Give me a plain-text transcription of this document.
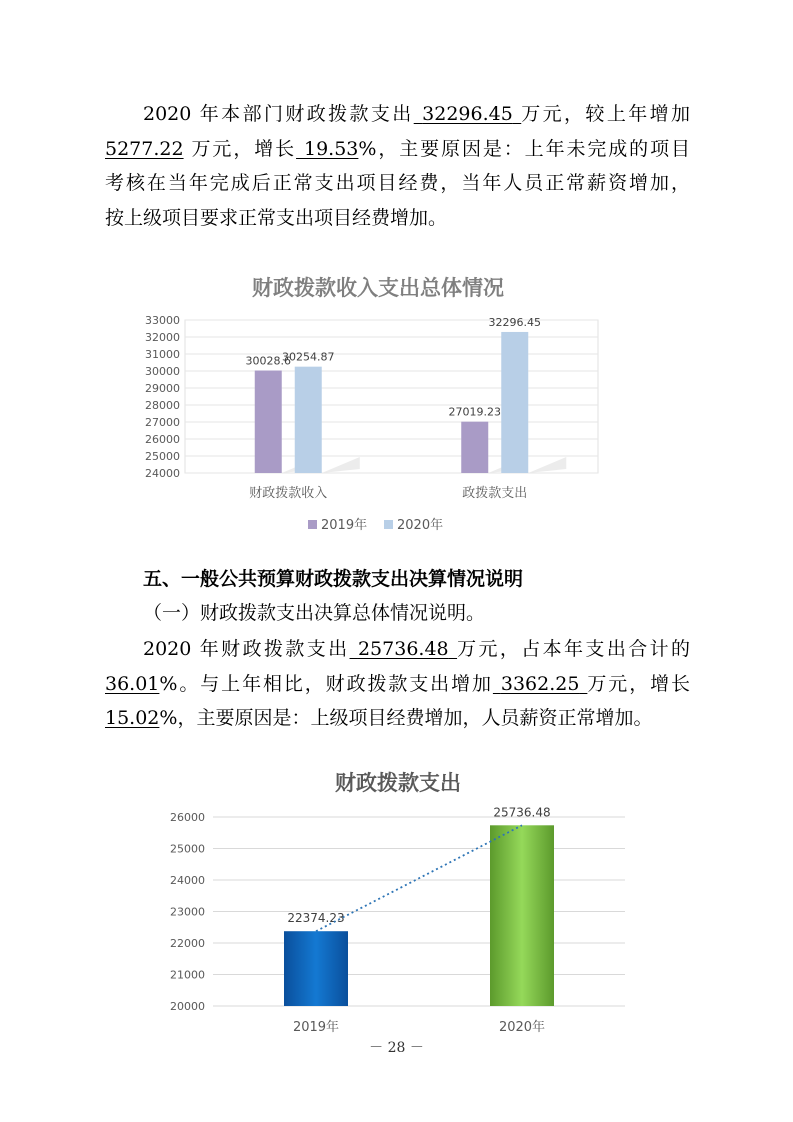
2020 年本部门财政拨款支出 32296.45 万元，较上年增加
5277.22 万元，增长 19.53%，主要原因是：上年未完成的项目
考核在当年完成后正常支出项目经费，当年人员正常薪资增加，
按上级项目要求正常支出项目经费增加。
财政拨款收入支出总体情况
24000
25000
26000
27000
28000
29000
30000
31000
32000
33000
30028.6
30254.87
27019.23
32296.45
财政拨款收入	政拨款支出
2019年 2020年
五、一般公共预算财政拨款支出决算情况说明
（一）财政拨款支出决算总体情况说明。
2020 年财政拨款支出 25736.48 万元，占本年支出合计的
36.01%。与上年相比，财政拨款支出增加 3362.25 万元，增长
15.02%，主要原因是：上级项目经费增加，人员薪资正常增加。
财政拨款支出
20000
21000
22000
23000
24000
25000
26000
22374.23
25736.48
2019年	2020年
－ 28 －
